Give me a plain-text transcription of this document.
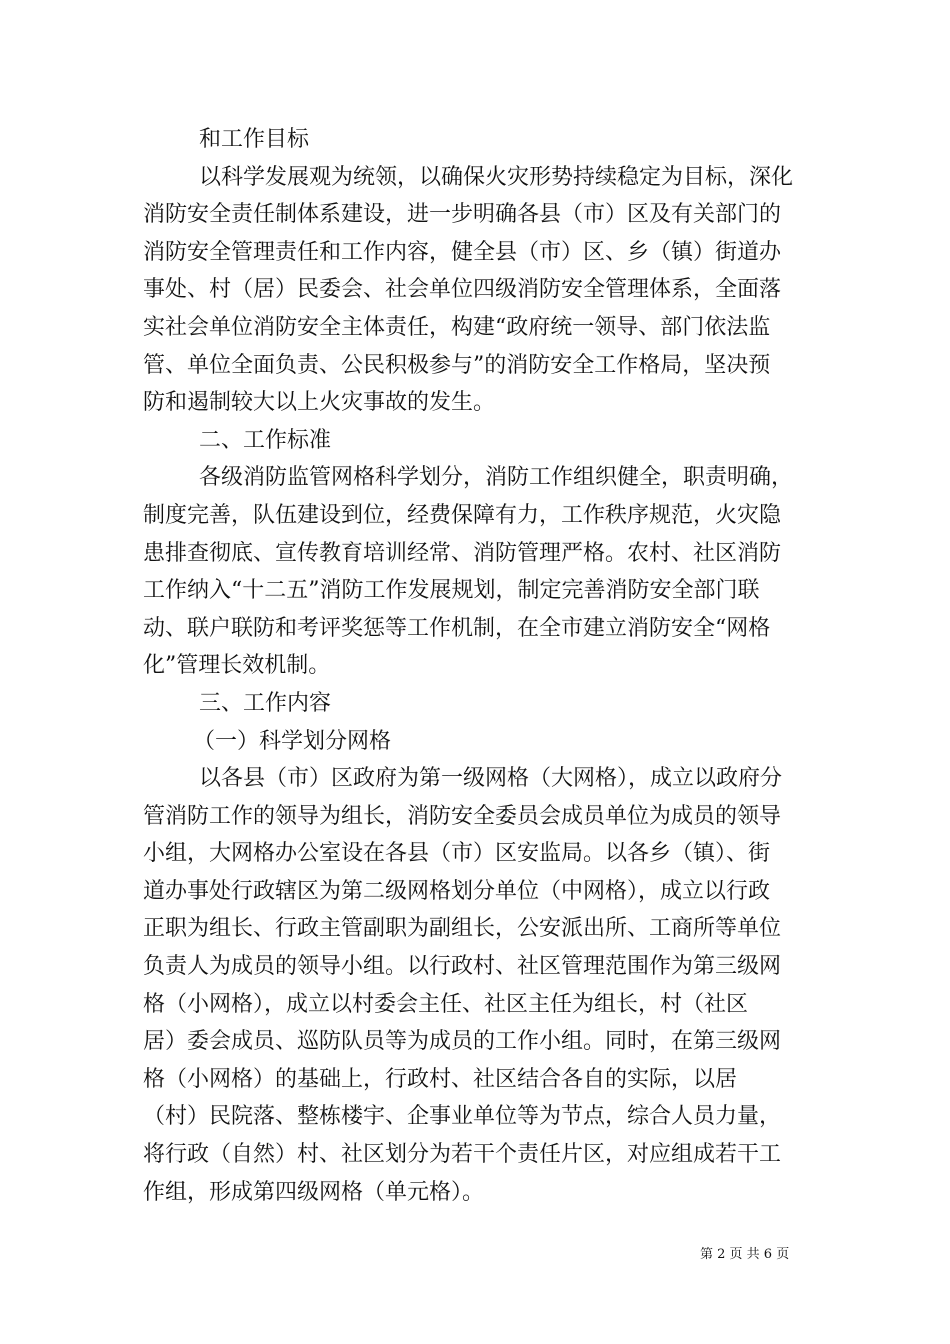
和工作目标
以科学发展观为统领，以确保火灾形势持续稳定为目标，深化
消防安全责任制体系建设，进一步明确各县（市）区及有关部门的
消防安全管理责任和工作内容，健全县（市）区、乡（镇）街道办
事处、村（居）民委会、社会单位四级消防安全管理体系，全面落
实社会单位消防安全主体责任，构建“政府统一领导、部门依法监
管、单位全面负责、公民积极参与”的消防安全工作格局，坚决预
防和遏制较大以上火灾事故的发生。
二、工作标准
各级消防监管网格科学划分，消防工作组织健全，职责明确，
制度完善，队伍建设到位，经费保障有力，工作秩序规范，火灾隐
患排查彻底、宣传教育培训经常、消防管理严格。农村、社区消防
工作纳入“十二五”消防工作发展规划，制定完善消防安全部门联
动、联户联防和考评奖惩等工作机制，在全市建立消防安全“网格
化”管理长效机制。
三、工作内容
（一）科学划分网格
以各县（市）区政府为第一级网格（大网格），成立以政府分
管消防工作的领导为组长，消防安全委员会成员单位为成员的领导
小组，大网格办公室设在各县（市）区安监局。以各乡（镇）、街
道办事处行政辖区为第二级网格划分单位（中网格），成立以行政
正职为组长、行政主管副职为副组长，公安派出所、工商所等单位
负责人为成员的领导小组。以行政村、社区管理范围作为第三级网
格（小网格），成立以村委会主任、社区主任为组长，村（社区
居）委会成员、巡防队员等为成员的工作小组。同时，在第三级网
格（小网格）的基础上，行政村、社区结合各自的实际，以居
（村）民院落、整栋楼宇、企事业单位等为节点，综合人员力量，
将行政（自然）村、社区划分为若干个责任片区，对应组成若干工
作组，形成第四级网格（单元格）。
第 2 页 共 6 页
